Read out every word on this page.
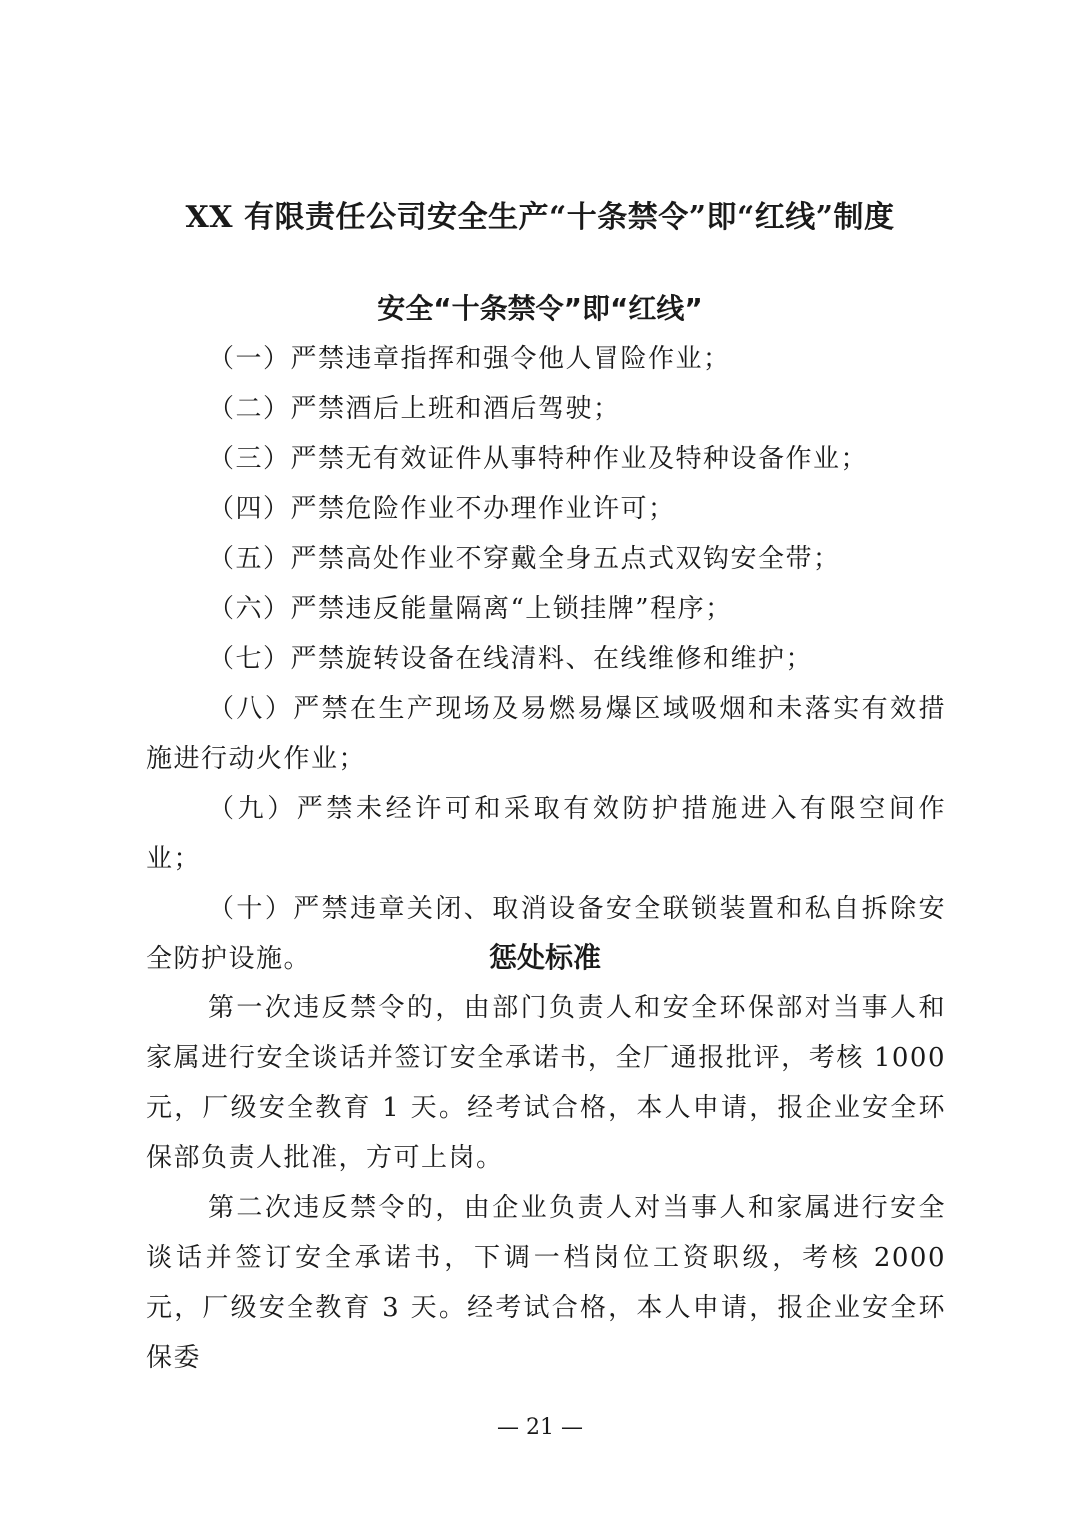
XX 有限责任公司安全生产“十条禁令”即“红线”制度
安全“十条禁令”即“红线”

（一）严禁违章指挥和强令他人冒险作业；

（二）严禁酒后上班和酒后驾驶；

（三）严禁无有效证件从事特种作业及特种设备作业；

（四）严禁危险作业不办理作业许可；

（五）严禁高处作业不穿戴全身五点式双钩安全带；

（六）严禁违反能量隔离“上锁挂牌”程序；

（七）严禁旋转设备在线清料、在线维修和维护；

（八）严禁在生产现场及易燃易爆区域吸烟和未落实有效措施进行动火作业；

（九）严禁未经许可和采取有效防护措施进入有限空间作业；

（十）严禁违章关闭、取消设备安全联锁装置和私自拆除安全防护设施。	惩处标准

第一次违反禁令的，由部门负责人和安全环保部对当事人和家属进行安全谈话并签订安全承诺书，全厂通报批评，考核 1000 元，厂级安全教育 1 天。经考试合格，本人申请，报企业安全环保部负责人批准，方可上岗。

第二次违反禁令的，由企业负责人对当事人和家属进行安全谈话并签订安全承诺书，下调一档岗位工资职级，考核 2000 元，厂级安全教育 3 天。经考试合格，本人申请，报企业安全环保委

— 21 —
